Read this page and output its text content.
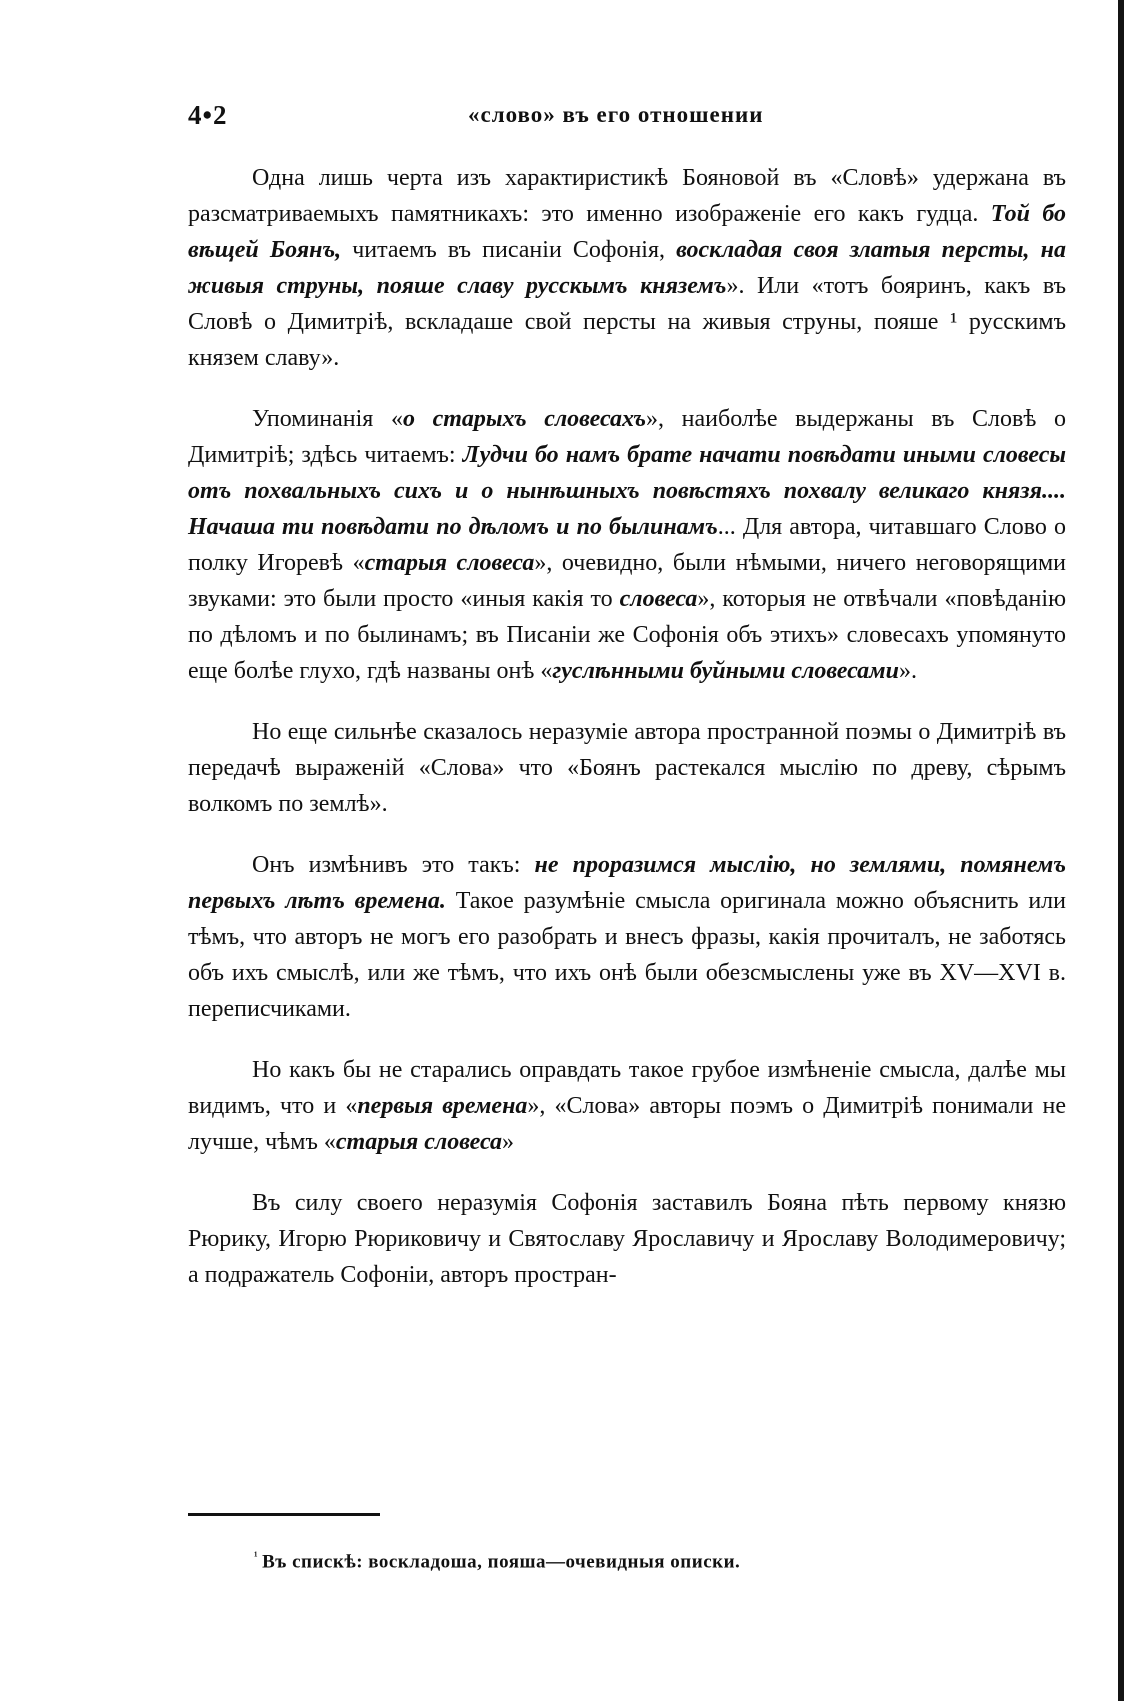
4•2	«слово» въ его отношении

Одна лишь черта изъ характиристикѣ Бояновой въ «Словѣ» удержана въ разсматриваемыхъ памятникахъ: это именно изображеніе его какъ гудца. Той бо вѣщей Боянъ, читаемъ въ писаніи Софонія, воскладая своя златыя персты, на живыя струны, пояше славу русскымъ княземъ». Или «тотъ бояринъ, какъ въ Словѣ о Димитріѣ, вскладаше свой персты на живыя струны, пояше ¹ русскимъ князем славу».

Упоминанія «о старыхъ словесахъ», наиболѣе выдержаны въ Словѣ о Димитріѣ; здѣсь читаемъ: Лудчи бо намъ брате начати повѣдати иными словесы отъ похвальныхъ сихъ и о нынѣшныхъ повѣстяхъ похвалу великаго князя.... Начаша ти повѣдати по дѣломъ и по былинамъ... Для автора, читавшаго Слово о полку Игоревѣ «старыя словеса», очевидно, были нѣмыми, ничего неговорящими звуками: это были просто «иныя какія то словеса», которыя не отвѣчали «повѣданію по дѣломъ и по былинамъ; въ Писаніи же Софонія объ этихъ» словесахъ упомянуто еще болѣе глухо, гдѣ названы онѣ «гуслѣнными буйными словесами».

Но еще сильнѣе сказалось неразуміе автора пространной поэмы о Димитріѣ въ передачѣ выраженій «Слова» что «Боянъ растекался мыслію по древу, сѣрымъ волкомъ по землѣ».

Онъ измѣнивъ это такъ: не проразимся мыслію, но землями, помянемъ первыхъ лѣтъ времена. Такое разумѣніе смысла оригинала можно объяснить или тѣмъ, что авторъ не могъ его разобрать и внесъ фразы, какія прочиталъ, не заботясь объ ихъ смыслѣ, или же тѣмъ, что ихъ онѣ были обезсмыслены уже въ XV—XVI в. переписчиками.

Но какъ бы не старались оправдать такое грубое измѣненіе смысла, далѣе мы видимъ, что и «первыя времена», «Слова» авторы поэмъ о Димитріѣ понимали не лучше, чѣмъ «старыя словеса»

Въ силу своего неразумія Софонія заставилъ Бояна пѣть первому князю Рюрику, Игорю Рюриковичу и Святославу Ярославичу и Ярославу Володимеровичу; а подражатель Софоніи, авторъ простран-

$^{^1}$ Въ спискѣ: воскладоша, пояша—очевидныя описки.
